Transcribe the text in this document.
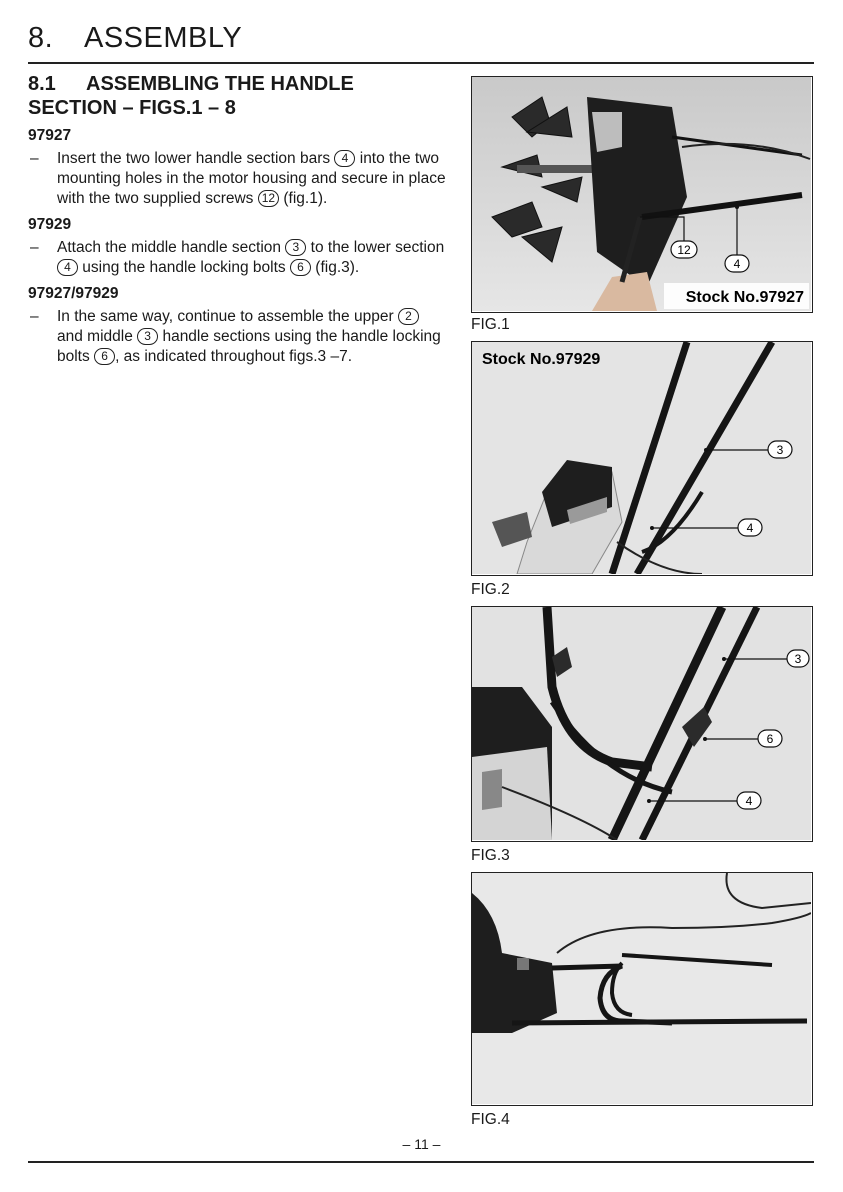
8. ASSEMBLY
8.1 ASSEMBLING THE HANDLE
SECTION – FIGS.1 – 8
97927
– Insert the two lower handle section bars 4 into the two mounting holes in the motor housing and secure in place with the two supplied screws 12 (fig.1).
97929
– Attach the middle handle section 3 to the lower section 4 using the handle locking bolts 6 (fig.3).
97927/97929
– In the same way, continue to assemble the upper 2 and middle 3 handle sections using the handle locking bolts 6 , as indicated throughout figs.3 –7.
12
4
Stock No.97927
FIG.1
3
4
Stock No.97929
FIG.2
3
6
4
FIG.3
FIG.4
– 11 –
